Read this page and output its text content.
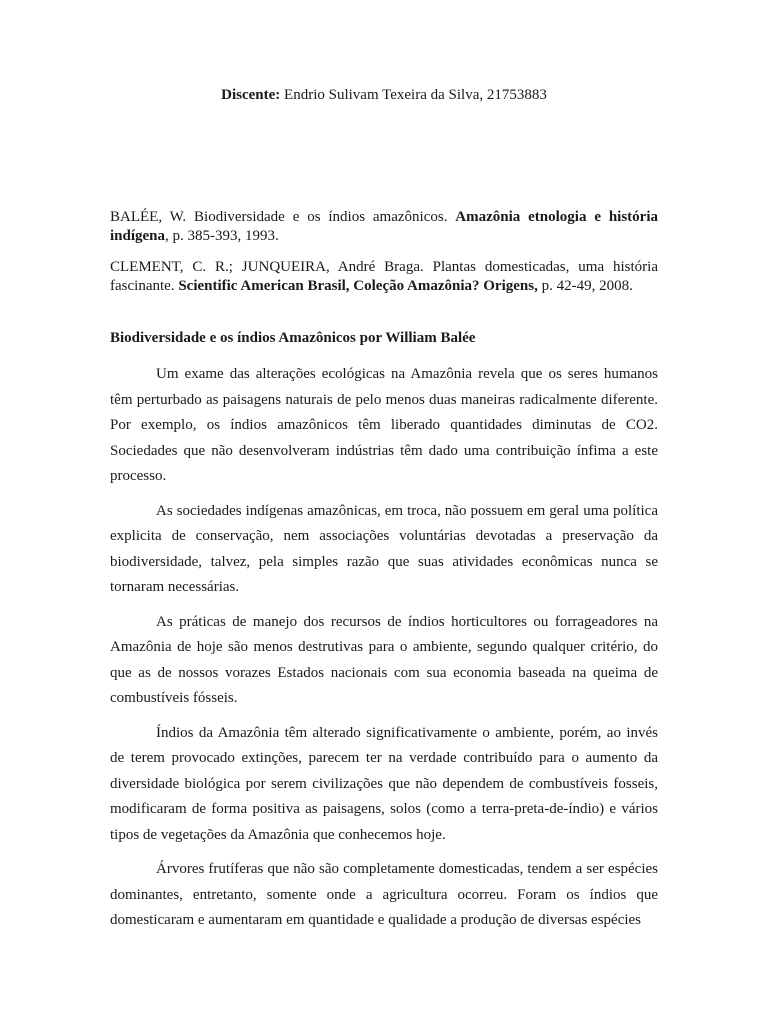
Discente: Endrio Sulivam Texeira da Silva, 21753883

BALÉE, W. Biodiversidade e os índios amazônicos. Amazônia etnologia e história indígena, p. 385-393, 1993.

CLEMENT, C. R.; JUNQUEIRA, André Braga. Plantas domesticadas, uma história fascinante. Scientific American Brasil, Coleção Amazônia? Origens, p. 42-49, 2008.

Biodiversidade e os índios Amazônicos por William Balée

Um exame das alterações ecológicas na Amazônia revela que os seres humanos têm perturbado as paisagens naturais de pelo menos duas maneiras radicalmente diferente. Por exemplo, os índios amazônicos têm liberado quantidades diminutas de CO2. Sociedades que não desenvolveram indústrias têm dado uma contribuição ínfima a este processo.

As sociedades indígenas amazônicas, em troca, não possuem em geral uma política explicita de conservação, nem associações voluntárias devotadas a preservação da biodiversidade, talvez, pela simples razão que suas atividades econômicas nunca se tornaram necessárias.

As práticas de manejo dos recursos de índios horticultores ou forrageadores na Amazônia de hoje são menos destrutivas para o ambiente, segundo qualquer critério, do que as de nossos vorazes Estados nacionais com sua economia baseada na queima de combustíveis fósseis.

Índios da Amazônia têm alterado significativamente o ambiente, porém, ao invés de terem provocado extinções, parecem ter na verdade contribuído para o aumento da diversidade biológica por serem civilizações que não dependem de combustíveis fosseis, modificaram de forma positiva as paisagens, solos (como a terra-preta-de-índio) e vários tipos de vegetações da Amazônia que conhecemos hoje.

Árvores frutíferas que não são completamente domesticadas, tendem a ser espécies dominantes, entretanto, somente onde a agricultura ocorreu. Foram os índios que domesticaram e aumentaram em quantidade e qualidade a produção de diversas espécies
